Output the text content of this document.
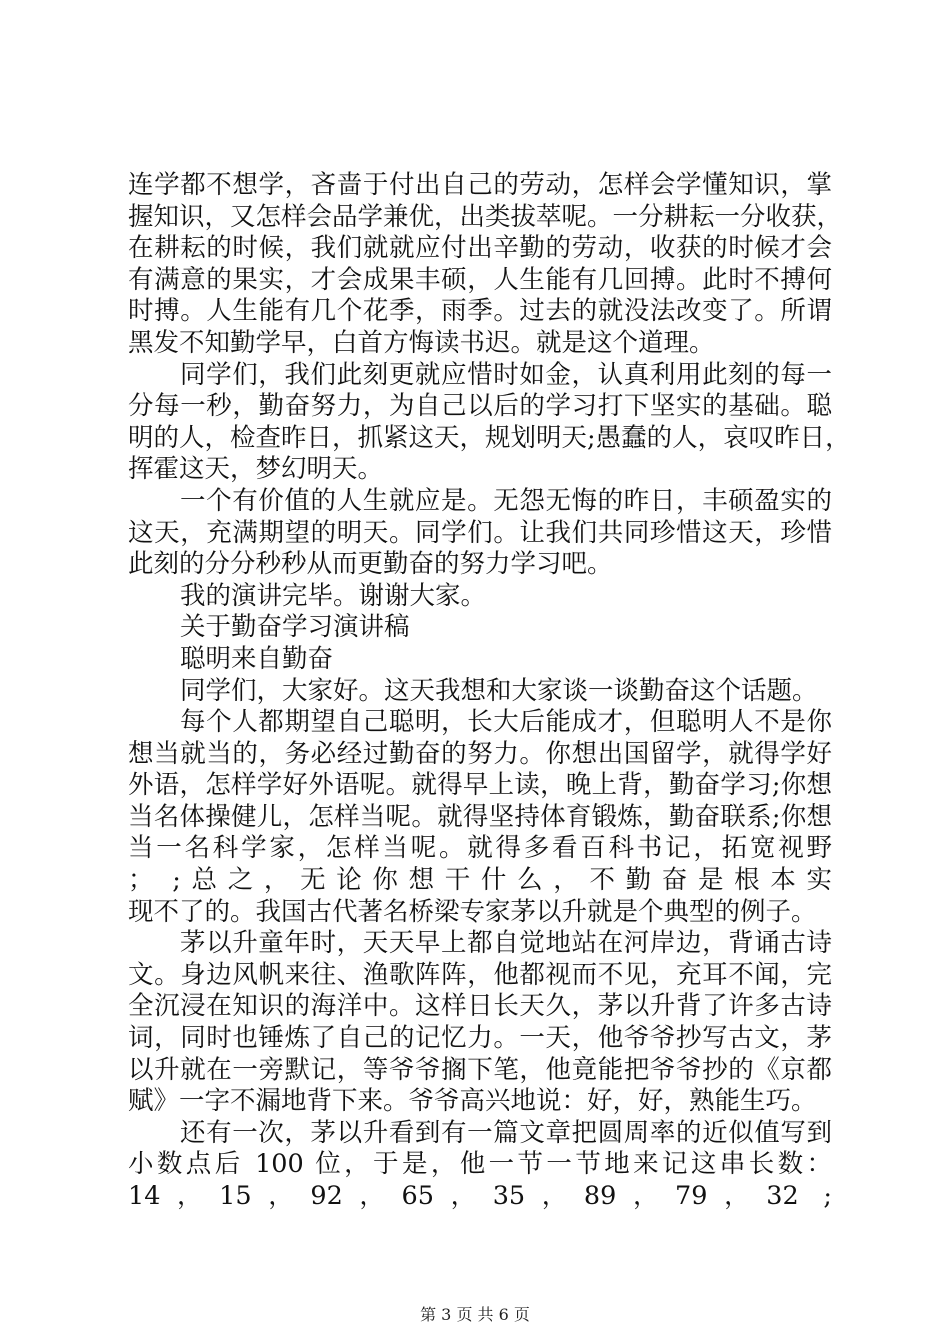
连学都不想学，吝啬于付出自己的劳动，怎样会学懂知识，掌
握知识，又怎样会品学兼优，出类拔萃呢。一分耕耘一分收获，
在耕耘的时候，我们就就应付出辛勤的劳动，收获的时候才会
有满意的果实，才会成果丰硕，人生能有几回搏。此时不搏何
时搏。人生能有几个花季，雨季。过去的就没法改变了。所谓
黑发不知勤学早，白首方悔读书迟。就是这个道理。
同学们，我们此刻更就应惜时如金，认真利用此刻的每一
分每一秒，勤奋努力，为自己以后的学习打下坚实的基础。聪
明的人，检查昨日，抓紧这天，规划明天;愚蠢的人，哀叹昨日，
挥霍这天，梦幻明天。
一个有价值的人生就应是。无怨无悔的昨日，丰硕盈实的
这天，充满期望的明天。同学们。让我们共同珍惜这天，珍惜
此刻的分分秒秒从而更勤奋的努力学习吧。
我的演讲完毕。谢谢大家。
关于勤奋学习演讲稿
聪明来自勤奋
同学们，大家好。这天我想和大家谈一谈勤奋这个话题。
每个人都期望自己聪明，长大后能成才，但聪明人不是你
想当就当的，务必经过勤奋的努力。你想出国留学，就得学好
外语，怎样学好外语呢。就得早上读，晚上背，勤奋学习;你想
当名体操健儿，怎样当呢。就得坚持体育锻炼，勤奋联系;你想
当一名科学家，怎样当呢。就得多看百科书记，拓宽视野
； ;总之，无论你想干什么，不勤奋是根本实
现不了的。我国古代著名桥梁专家茅以升就是个典型的例子。
茅以升童年时，天天早上都自觉地站在河岸边，背诵古诗
文。身边风帆来往、渔歌阵阵，他都视而不见，充耳不闻，完
全沉浸在知识的海洋中。这样日长天久，茅以升背了许多古诗
词，同时也锤炼了自己的记忆力。一天，他爷爷抄写古文，茅
以升就在一旁默记，等爷爷搁下笔，他竟能把爷爷抄的《京都
赋》一字不漏地背下来。爷爷高兴地说：好，好，熟能生巧。
还有一次，茅以升看到有一篇文章把圆周率的近似值写到
小数点后 100 位，于是，他一节一节地来记这串长数：
14，15，92，65，35，89，79，32 ;
第 3 页 共 6 页
